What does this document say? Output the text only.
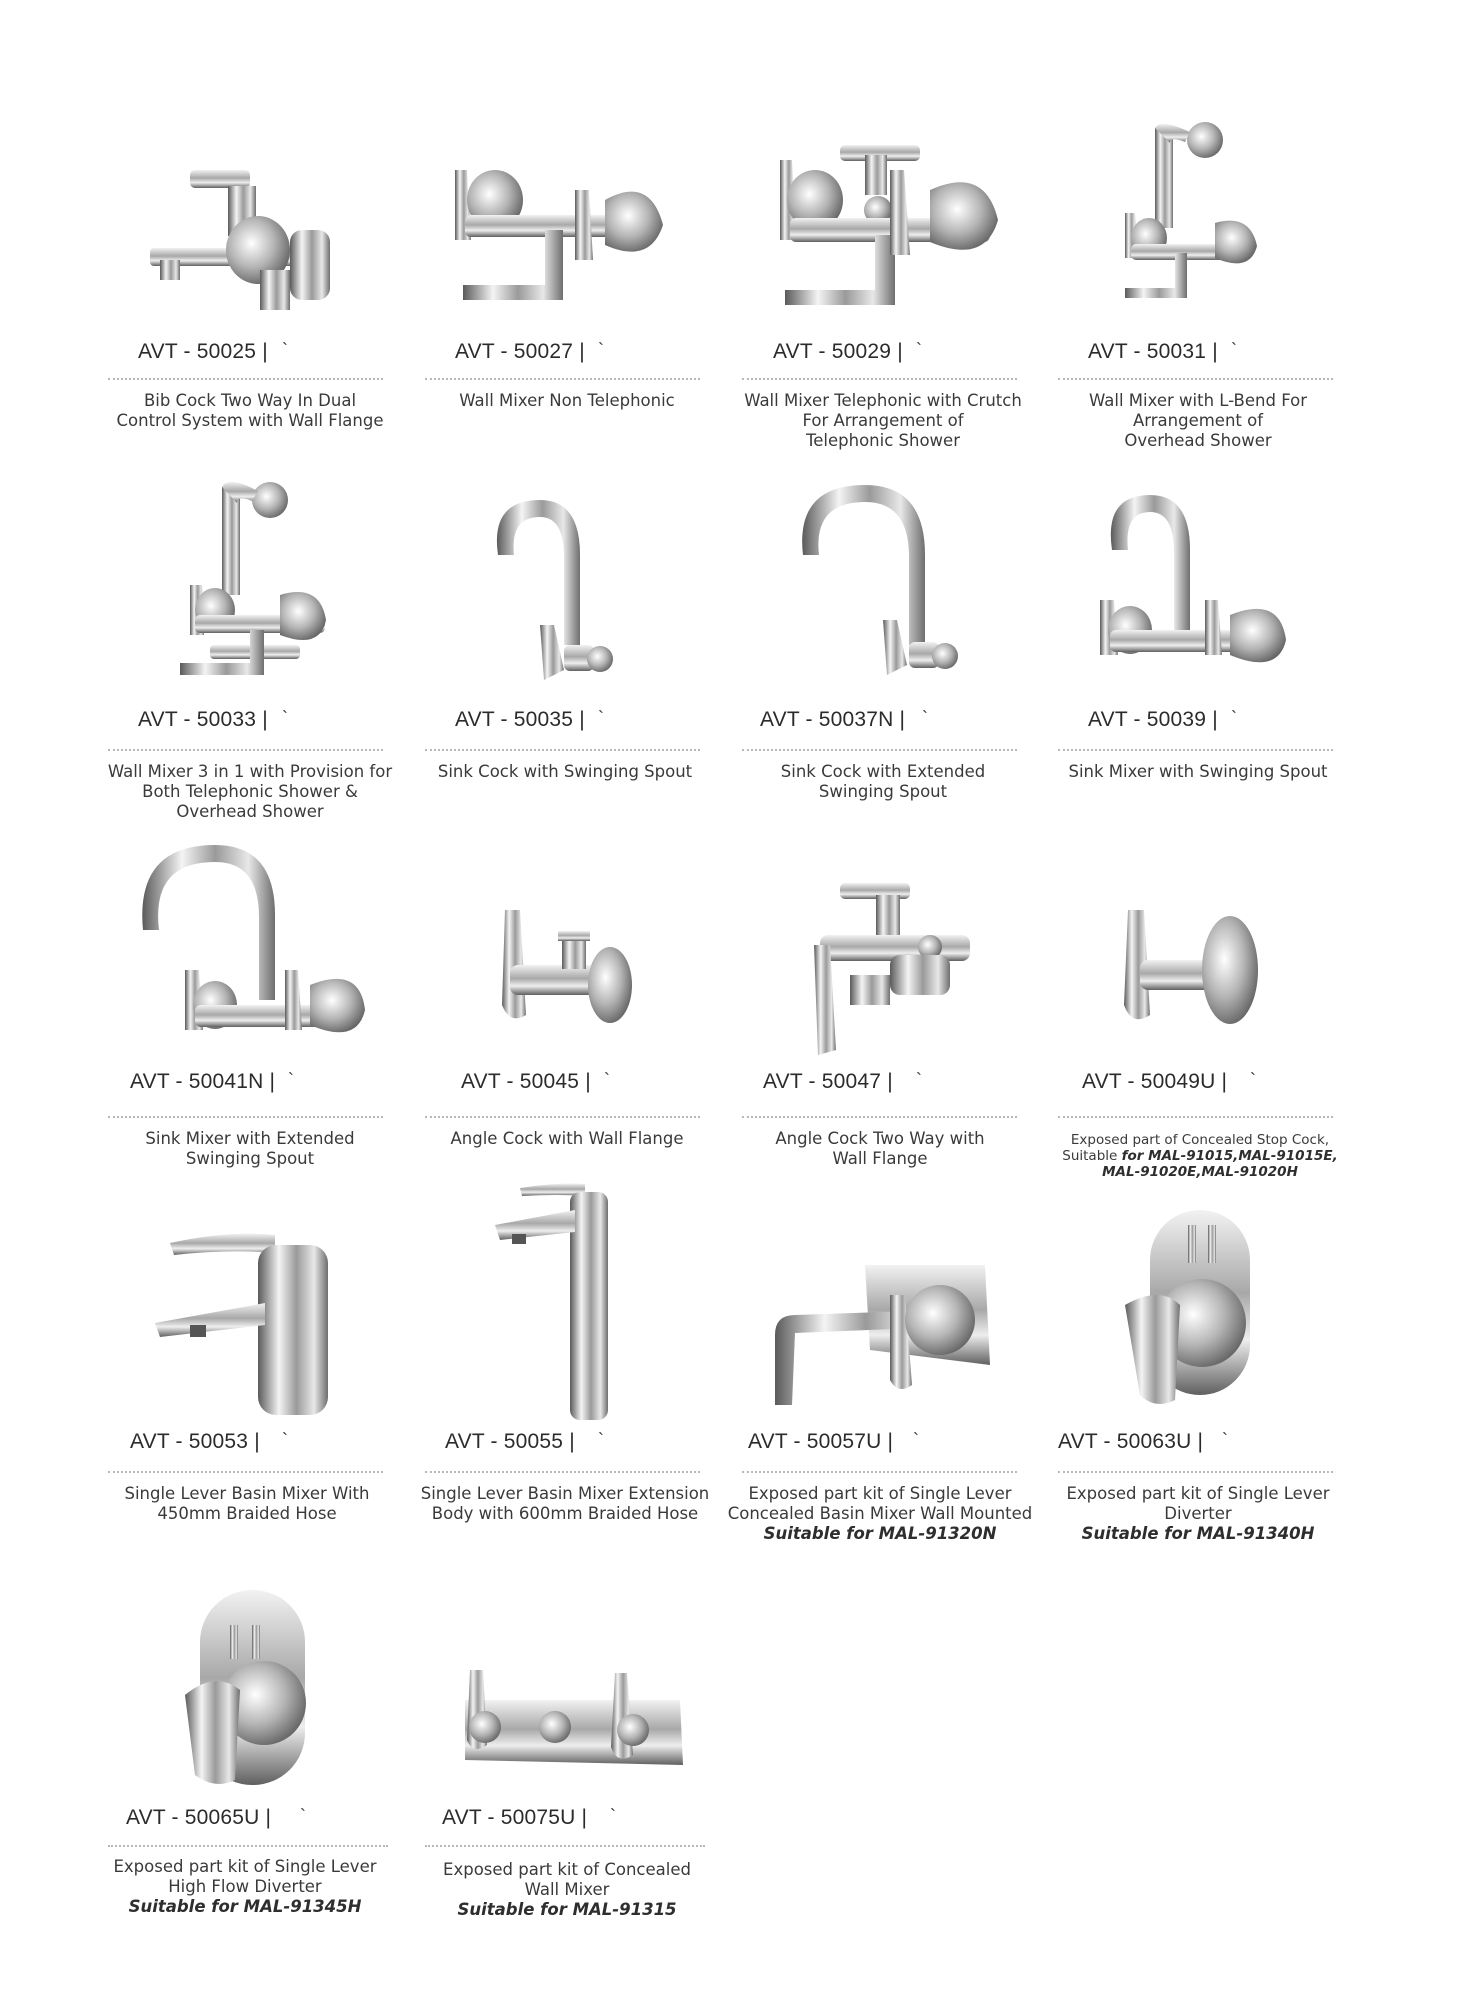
AVT - 50025 | `	AVT - 50027 | `	AVT - 50029 | `	AVT - 50031 | `
Bib Cock Two Way In Dual
Control System with Wall Flange
Wall Mixer Non Telephonic	Wall Mixer Telephonic with Crutch
For Arrangement of
Telephonic Shower
Wall Mixer with L-Bend For
Arrangement of
Overhead Shower
AVT - 50033 | `	AVT - 50035 | `	AVT - 50037N | `	AVT - 50039 | `
Wall Mixer 3 in 1 with Provision for
Both Telephonic Shower &
Overhead Shower
Sink Cock with Swinging Spout	Sink Cock with Extended
Swinging Spout
Sink Mixer with Swinging Spout
AVT - 50041N | `	AVT - 50045 | `	AVT - 50047 | `	AVT - 50049U | `
Sink Mixer with Extended
Swinging Spout
Angle Cock with Wall Flange	Angle Cock Two Way with
Wall Flange
Exposed part of Concealed Stop Cock,
Suitable for MAL-91015,MAL-91015E,
MAL-91020E,MAL-91020H
AVT - 50053 | `	AVT - 50055 | `	AVT - 50057U | `	AVT - 50063U | `
Single Lever Basin Mixer With
450mm Braided Hose
Single Lever Basin Mixer Extension
Body with 600mm Braided Hose
Exposed part kit of Single Lever
Concealed Basin Mixer Wall Mounted
Suitable for MAL-91320N
Exposed part kit of Single Lever
Diverter
Suitable for MAL-91340H
AVT - 50065U | `	AVT - 50075U | `
Exposed part kit of Single Lever
High Flow Diverter
Suitable for MAL-91345H
Exposed part kit of Concealed
Wall Mixer
Suitable for MAL-91315
